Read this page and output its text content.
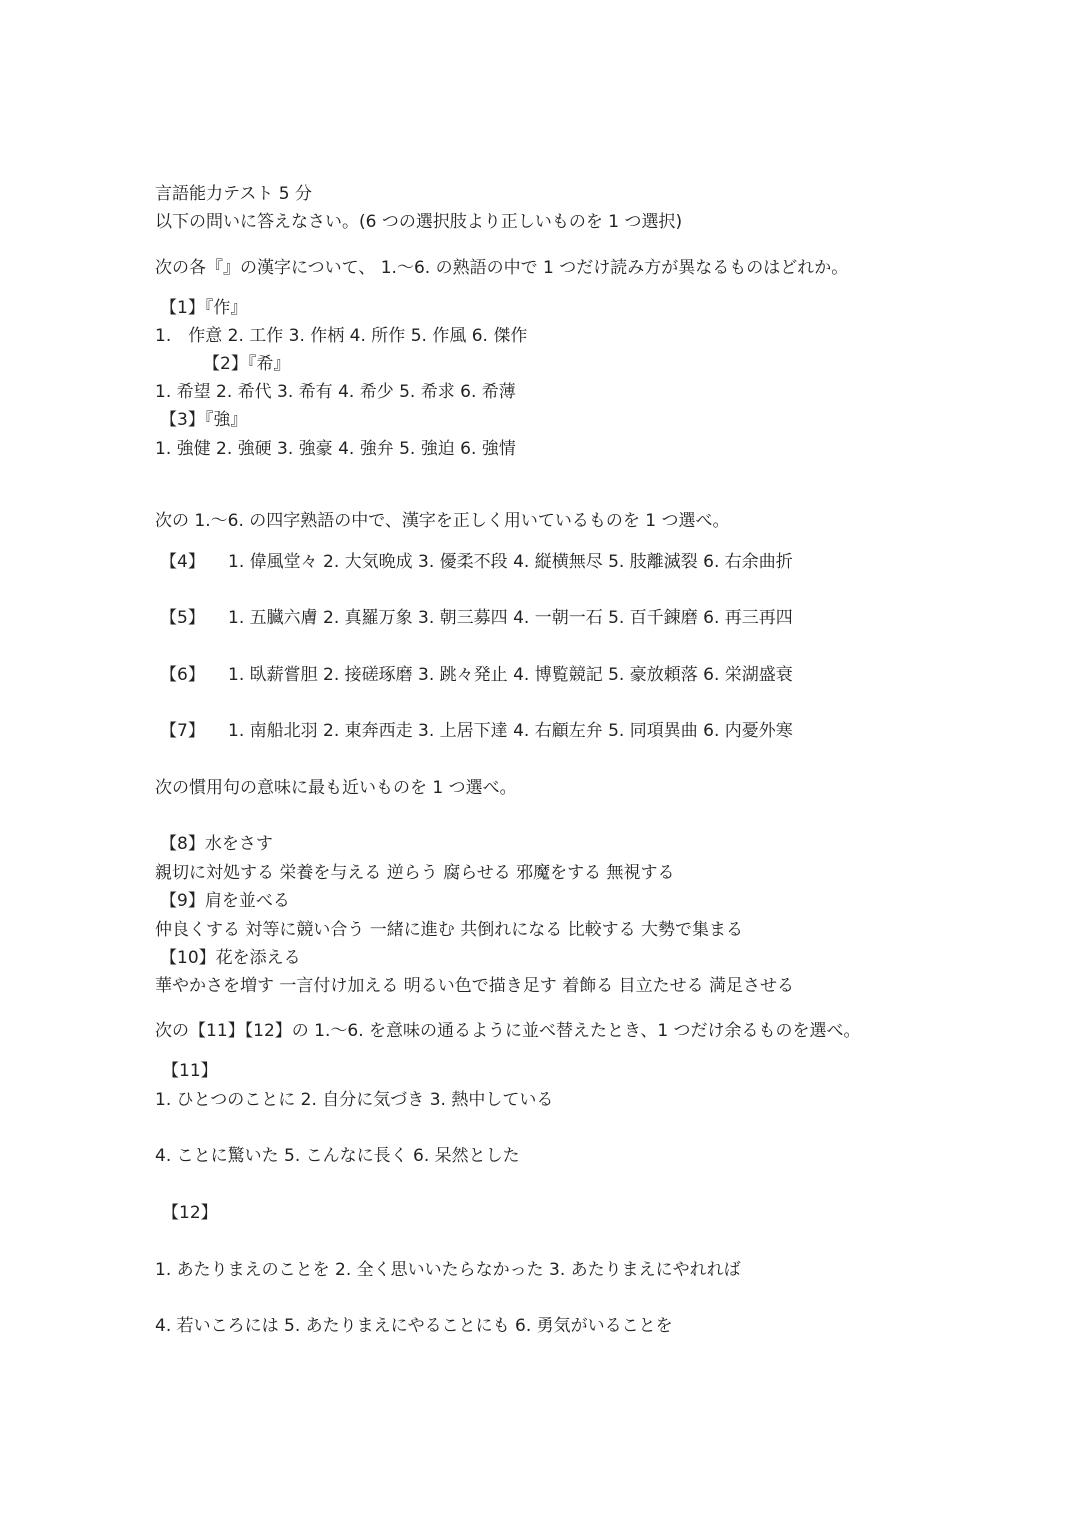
言語能力テスト 5 分
以下の問いに答えなさい。(6 つの選択肢より正しいものを 1 つ選択)
次の各『』の漢字について、 1.〜6. の熟語の中で 1 つだけ読み方が異なるものはどれか。
【1】『作』
1.　作意 2. 工作 3. 作柄 4. 所作 5. 作風 6. 傑作
【2】『希』
1. 希望 2. 希代 3. 希有 4. 希少 5. 希求 6. 希薄
【3】『強』
1. 強健 2. 強硬 3. 強豪 4. 強弁 5. 強迫 6. 強情
次の 1.〜6. の四字熟語の中で、漢字を正しく用いているものを 1 つ選べ。
【4】	1. 偉風堂々 2. 大気晩成 3. 優柔不段 4. 縦横無尽 5. 肢離滅裂 6. 右余曲折
【5】	1. 五臓六膚 2. 真羅万象 3. 朝三募四 4. 一朝一石 5. 百千錬磨 6. 再三再四
【6】	1. 臥薪嘗胆 2. 接磋琢磨 3. 跳々発止 4. 博覧競記 5. 豪放頼落 6. 栄湖盛衰
【7】	1. 南船北羽 2. 東奔西走 3. 上居下達 4. 右顧左弁 5. 同項異曲 6. 内憂外寒
次の慣用句の意味に最も近いものを 1 つ選べ。
【8】水をさす
親切に対処する 栄養を与える 逆らう 腐らせる 邪魔をする 無視する
【9】肩を並べる
仲良くする 対等に競い合う 一緒に進む 共倒れになる 比較する 大勢で集まる
【10】花を添える
華やかさを増す 一言付け加える 明るい色で描き足す 着飾る 目立たせる 満足させる
次の【11】【12】の 1.〜6. を意味の通るように並べ替えたとき、1 つだけ余るものを選べ。
【11】
1. ひとつのことに 2. 自分に気づき 3. 熱中している
4. ことに驚いた 5. こんなに長く 6. 呆然とした
【12】
1. あたりまえのことを 2. 全く思いいたらなかった 3. あたりまえにやれれば
4. 若いころには 5. あたりまえにやることにも 6. 勇気がいることを
